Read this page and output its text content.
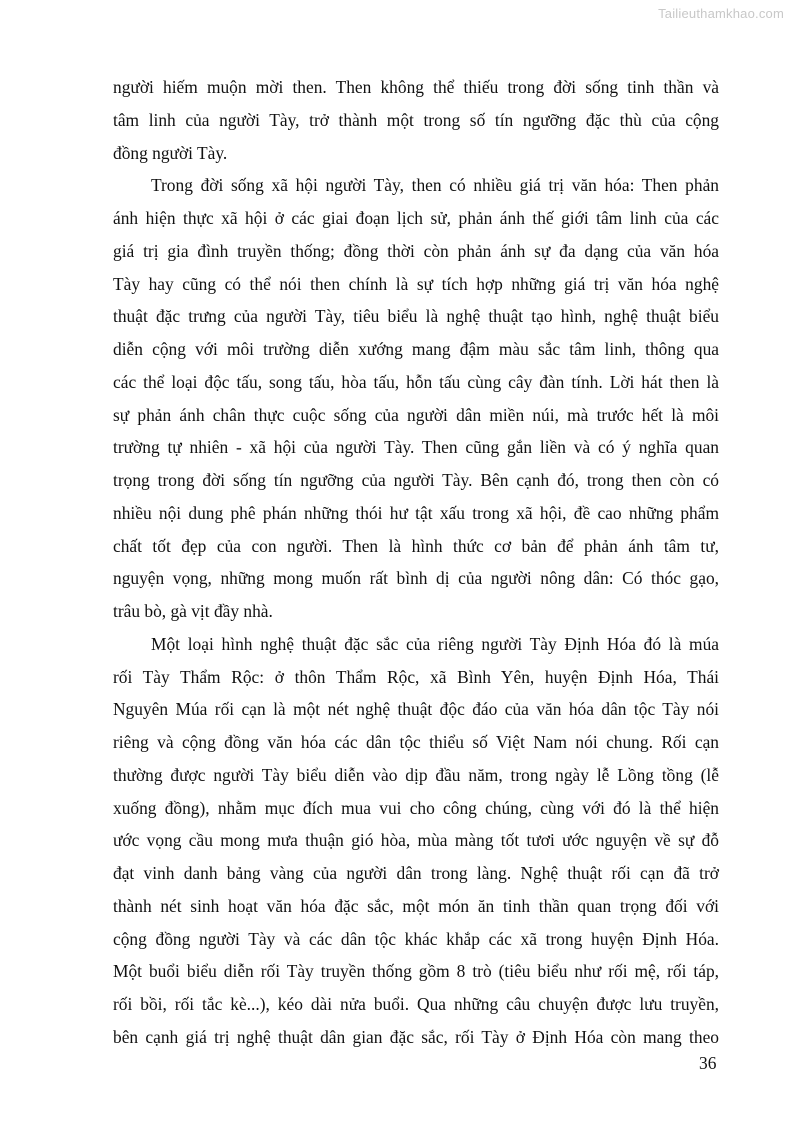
Tailieuthamkhao.com
người hiếm muộn mời then. Then không thể thiếu trong đời sống tinh thần và
tâm linh của người Tày, trở thành một trong số tín ngưỡng đặc thù của cộng
đồng người Tày.
Trong đời sống xã hội người Tày, then có nhiều giá trị văn hóa: Then phản
ánh hiện thực xã hội ở các giai đoạn lịch sử, phản ánh thế giới tâm linh của các
giá trị gia đình truyền thống; đồng thời còn phản ánh sự đa dạng của văn hóa
Tày hay cũng có thể nói then chính là sự tích hợp những giá trị văn hóa nghệ
thuật đặc trưng của người Tày, tiêu biểu là nghệ thuật tạo hình, nghệ thuật biểu
diễn cộng với môi trường diễn xướng mang đậm màu sắc tâm linh, thông qua
các thể loại độc tấu, song tấu, hòa tấu, hỗn tấu cùng cây đàn tính. Lời hát then là
sự phản ánh chân thực cuộc sống của người dân miền núi, mà trước hết là môi
trường tự nhiên - xã hội của người Tày. Then cũng gắn liền và có ý nghĩa quan
trọng trong đời sống tín ngưỡng của người Tày. Bên cạnh đó, trong then còn có
nhiều nội dung phê phán những thói hư tật xấu trong xã hội, đề cao những phẩm
chất tốt đẹp của con người. Then là hình thức cơ bản để phản ánh tâm tư,
nguyện vọng, những mong muốn rất bình dị của người nông dân: Có thóc gạo,
trâu bò, gà vịt đầy nhà.
Một loại hình nghệ thuật đặc sắc của riêng người Tày Định Hóa đó là múa
rối Tày Thẩm Rộc: ở thôn Thẩm Rộc, xã Bình Yên, huyện Định Hóa, Thái
Nguyên Múa rối cạn là một nét nghệ thuật độc đáo của văn hóa dân tộc Tày nói
riêng và cộng đồng văn hóa các dân tộc thiểu số Việt Nam nói chung. Rối cạn
thường được người Tày biểu diễn vào dịp đầu năm, trong ngày lễ Lồng tồng (lễ
xuống đồng), nhằm mục đích mua vui cho công chúng, cùng với đó là thể hiện
ước vọng cầu mong mưa thuận gió hòa, mùa màng tốt tươi ước nguyện về sự đỗ
đạt vinh danh bảng vàng của người dân trong làng. Nghệ thuật rối cạn đã trở
thành nét sinh hoạt văn hóa đặc sắc, một món ăn tinh thần quan trọng đối với
cộng đồng người Tày và các dân tộc khác khắp các xã trong huyện Định Hóa.
Một buổi biểu diễn rối Tày truyền thống gồm 8 trò (tiêu biểu như rối mệ, rối táp,
rối bồi, rối tắc kè...), kéo dài nửa buổi. Qua những câu chuyện được lưu truyền,
bên cạnh giá trị nghệ thuật dân gian đặc sắc, rối Tày ở Định Hóa còn mang theo
36
